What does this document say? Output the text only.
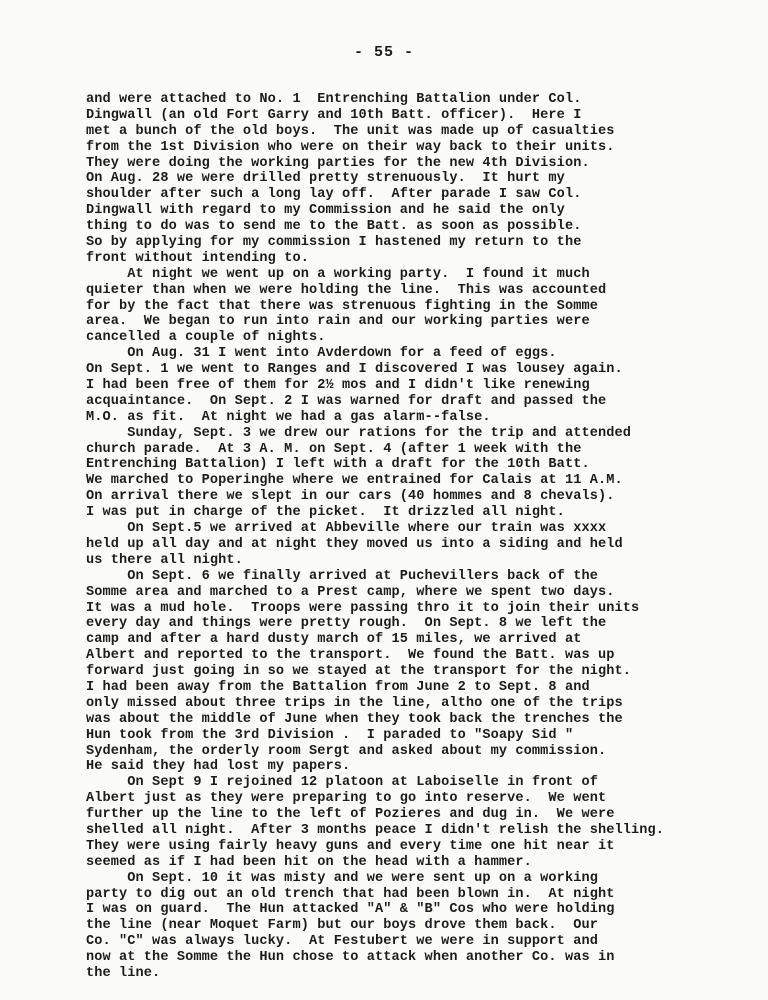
- 55 -
and were attached to No. 1  Entrenching Battalion under Col.
Dingwall (an old Fort Garry and 10th Batt. officer).  Here I
met a bunch of the old boys.  The unit was made up of casualties
from the 1st Division who were on their way back to their units.
They were doing the working parties for the new 4th Division.
On Aug. 28 we were drilled pretty strenuously.  It hurt my
shoulder after such a long lay off.  After parade I saw Col.
Dingwall with regard to my Commission and he said the only
thing to do was to send me to the Batt. as soon as possible.
So by applying for my commission I hastened my return to the
front without intending to.
At night we went up on a working party.  I found it much
quieter than when we were holding the line.  This was accounted
for by the fact that there was strenuous fighting in the Somme
area.  We began to run into rain and our working parties were
cancelled a couple of nights.
On Aug. 31 I went into Avderdown for a feed of eggs.
On Sept. 1 we went to Ranges and I discovered I was lousey again.
I had been free of them for 2½ mos and I didn't like renewing
acquaintance.  On Sept. 2 I was warned for draft and passed the
M.O. as fit.  At night we had a gas alarm--false.
Sunday, Sept. 3 we drew our rations for the trip and attended
church parade.  At 3 A. M. on Sept. 4 (after 1 week with the
Entrenching Battalion) I left with a draft for the 10th Batt.
We marched to Poperinghe where we entrained for Calais at 11 A.M.
On arrival there we slept in our cars (40 hommes and 8 chevals).
I was put in charge of the picket.  It drizzled all night.
On Sept.5 we arrived at Abbeville where our train was xxxx
held up all day and at night they moved us into a siding and held
us there all night.
On Sept. 6 we finally arrived at Puchevillers back of the
Somme area and marched to a Prest camp, where we spent two days.
It was a mud hole.  Troops were passing thro it to join their units
every day and things were pretty rough.  On Sept. 8 we left the
camp and after a hard dusty march of 15 miles, we arrived at
Albert and reported to the transport.  We found the Batt. was up
forward just going in so we stayed at the transport for the night.
I had been away from the Battalion from June 2 to Sept. 8 and
only missed about three trips in the line, altho one of the trips
was about the middle of June when they took back the trenches the
Hun took from the 3rd Division .  I paraded to "Soapy Sid "
Sydenham, the orderly room Sergt and asked about my commission.
He said they had lost my papers.
On Sept 9 I rejoined 12 platoon at Laboiselle in front of
Albert just as they were preparing to go into reserve.  We went
further up the line to the left of Pozieres and dug in.  We were
shelled all night.  After 3 months peace I didn't relish the shelling.
They were using fairly heavy guns and every time one hit near it
seemed as if I had been hit on the head with a hammer.
On Sept. 10 it was misty and we were sent up on a working
party to dig out an old trench that had been blown in.  At night
I was on guard.  The Hun attacked "A" & "B" Cos who were holding
the line (near Moquet Farm) but our boys drove them back.  Our
Co. "C" was always lucky.  At Festubert we were in support and
now at the Somme the Hun chose to attack when another Co. was in
the line.
